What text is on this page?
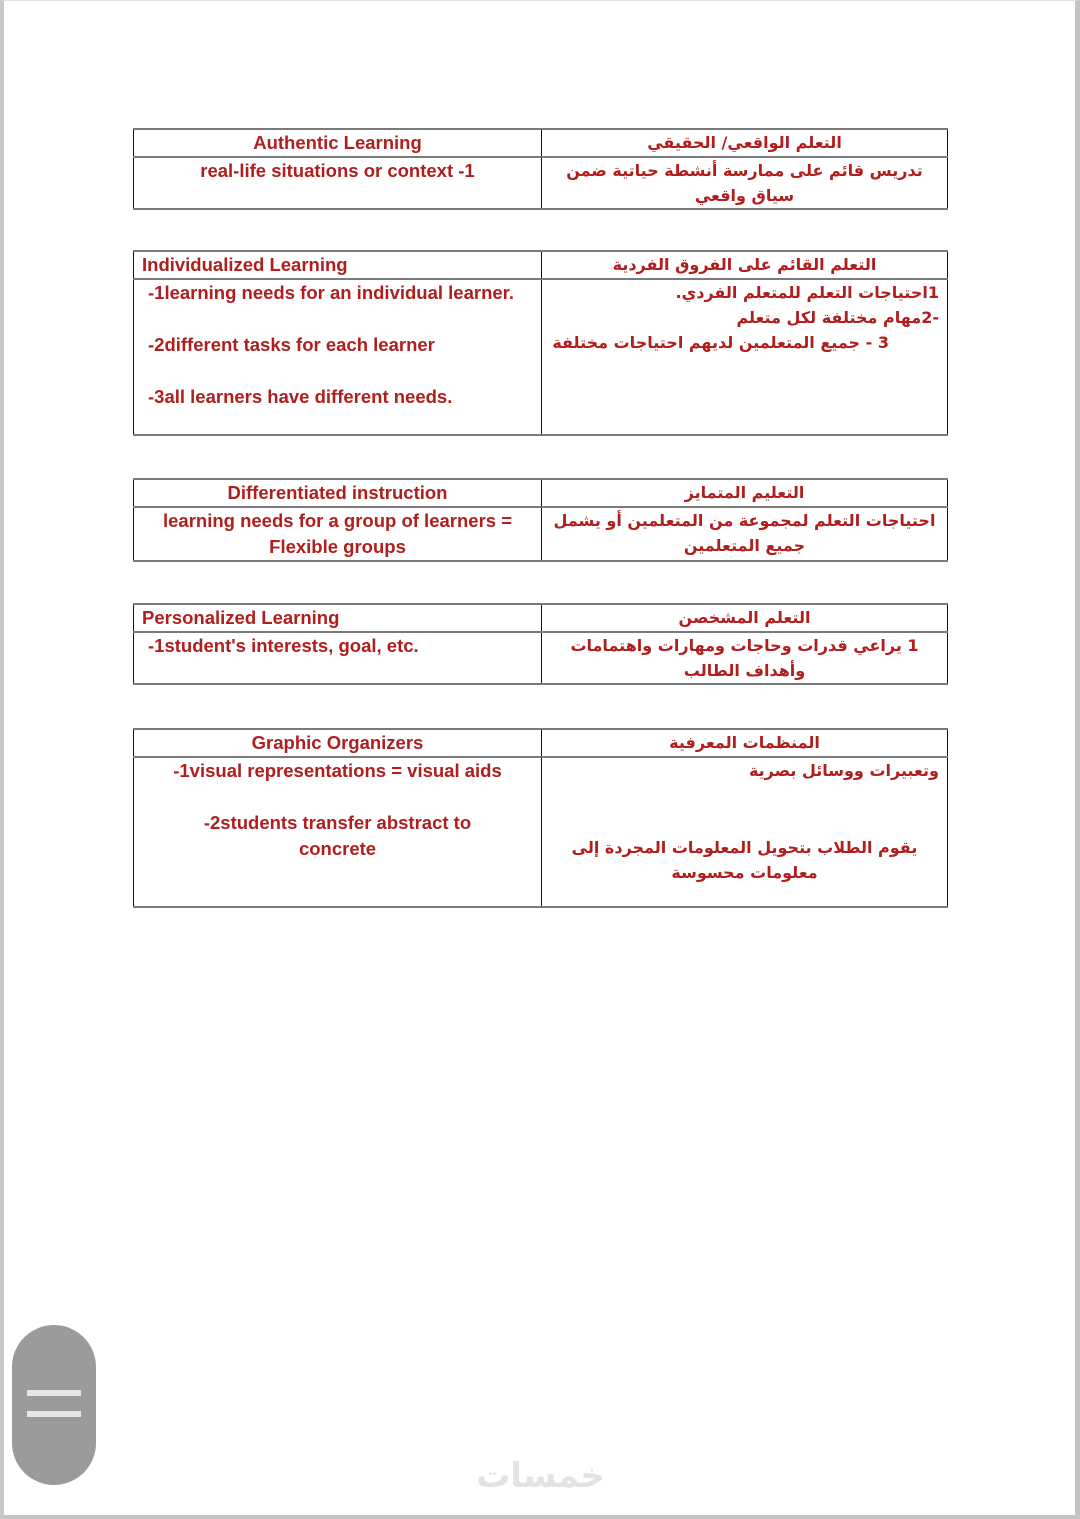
Authentic Learning	التعلم الواقعي/ الحقيقي

real-life situations or context -1	تدريس قائم على ممارسة أنشطة حياتية ضمن سياق واقعي
Individualized Learning	التعلم القائم على الفروق الفردية

-1learning needs for an individual learner.
-2different tasks for each learner
-3all learners have different needs.	1احتياجات التعلم للمتعلم الفردي.
-2مهام مختلفة لكل متعلم
3 - جميع المتعلمين لديهم احتياجات مختلفة
Differentiated instruction	التعليم المتمايز

learning needs for a group of learners = Flexible groups	احتياجات التعلم لمجموعة من المتعلمين أو يشمل جميع المتعلمين
Personalized Learning	التعلم المشخصن

-1student's interests, goal, etc.	1 يراعي قدرات وحاجات ومهارات واهتمامات وأهداف الطالب
Graphic Organizers	المنظمات المعرفية

-1visual representations = visual aids
-2students transfer abstract to concrete	وتعبيرات ووسائل بصرية
يقوم الطلاب بتحويل المعلومات المجردة إلى معلومات محسوسة
خمسات
